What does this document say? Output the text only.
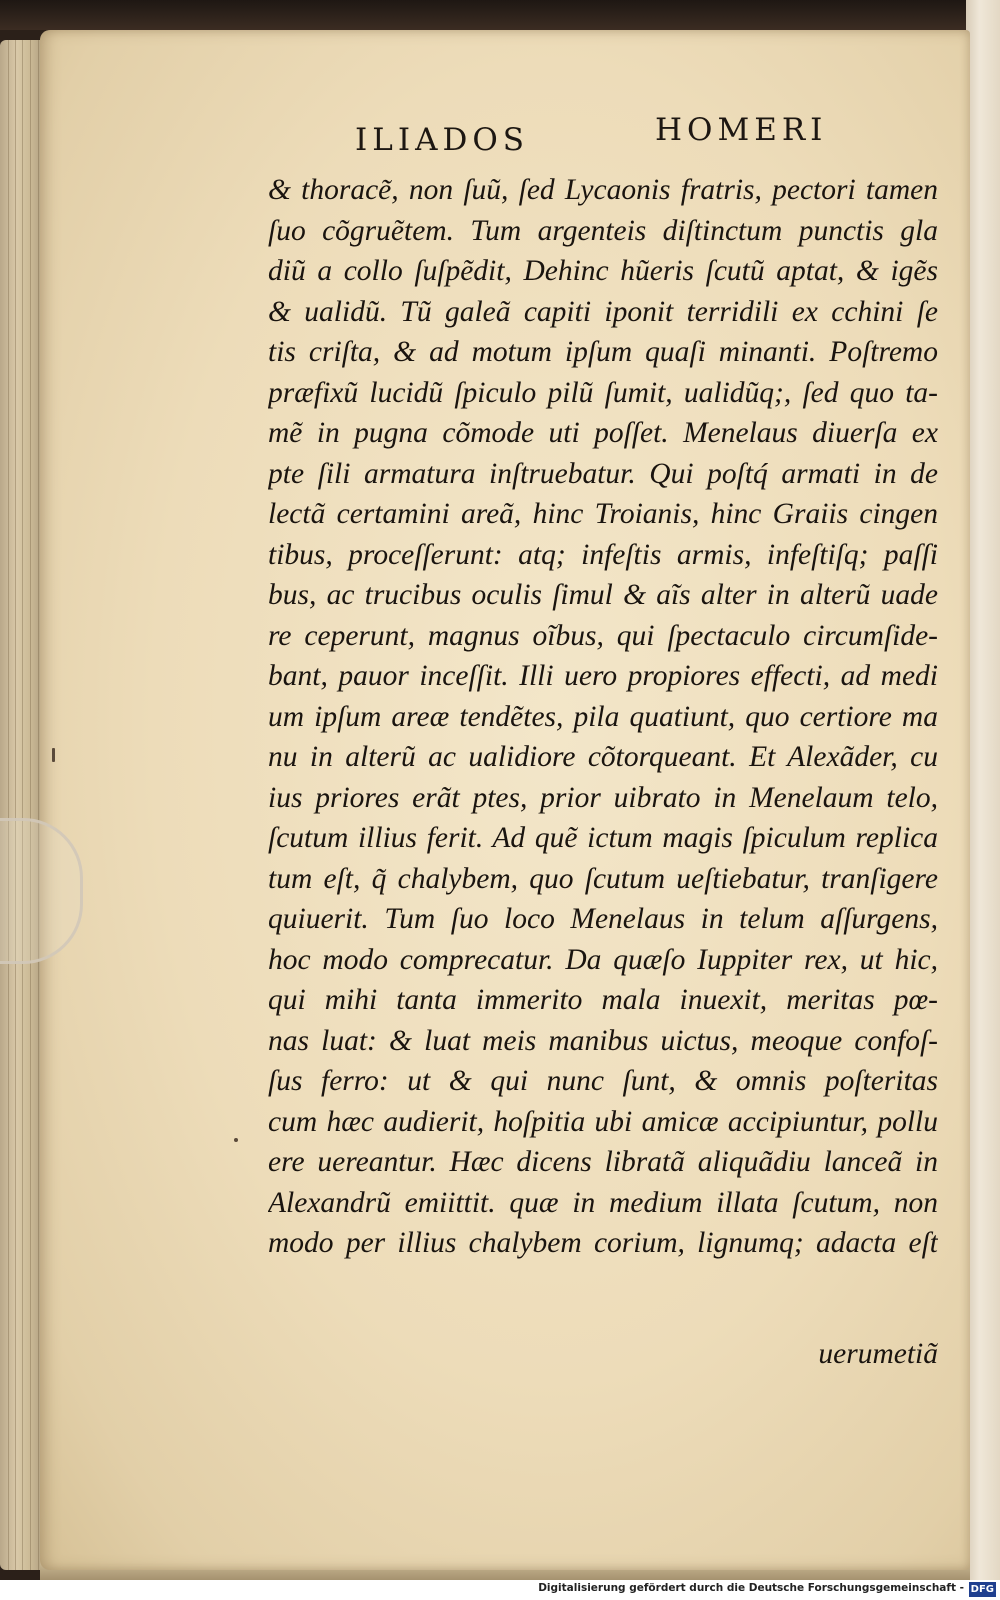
ILIADOS	HOMERI
& thorace͂, non ſuũ, ſed Lycaonis fratris, pectori tamen
ſuo cõgruẽtem. Tum argenteis diſtinctum punctis gla
diũ a collo ſuſpẽdit, Dehinc hũeris ſcutũ aptat, & igẽs
& ualidũ. Tũ galeã capiti iponit terridili ex cchini ſe
tis criſta, & ad motum ipſum quaſi minanti. Poſtremo
præfixũ lucidũ ſpiculo pilũ ſumit, ualidũq;, ſed quo ta-
mẽ in pugna cõmode uti poſſet. Menelaus diuerſa ex
pte ſili armatura inſtruebatur. Qui poſtq́ armati in de
lectã certamini areã, hinc Troianis, hinc Graiis cingen
tibus, proceſſerunt: atq; infeſtis armis, infeſtiſq; paſſi
bus, ac trucibus oculis ſimul & aĩs alter in alterũ uade
re ceperunt, magnus oĩbus, qui ſpectaculo circumſide-
bant, pauor inceſſit. Illi uero propiores effecti, ad medi
um ipſum areæ tendẽtes, pila quatiunt, quo certiore ma
nu in alterũ ac ualidiore cõtorqueant. Et Alexãder, cu
ius priores erãt ptes, prior uibrato in Menelaum telo,
ſcutum illius ferit. Ad quẽ ictum magis ſpiculum replica
tum eſt, q̃ chalybem, quo ſcutum ueſtiebatur, tranſigere
quiuerit. Tum ſuo loco Menelaus in telum aſſurgens,
hoc modo comprecatur. Da quæſo Iuppiter rex, ut hic,
qui mihi tanta immerito mala inuexit, meritas pœ-
nas luat: & luat meis manibus uictus, meoque confoſ-
ſus ferro: ut & qui nunc ſunt, & omnis poſteritas
cum hæc audierit, hoſpitia ubi amicæ accipiuntur, pollu
ere uereantur. Hæc dicens libratã aliquãdiu lanceã in
Alexandrũ emiittit. quæ in medium illata ſcutum, non
modo per illius chalybem corium, lignumq; adacta eſt
uerumetiã
Digitalisierung gefördert durch die Deutsche Forschungsgemeinschaft - DFG
